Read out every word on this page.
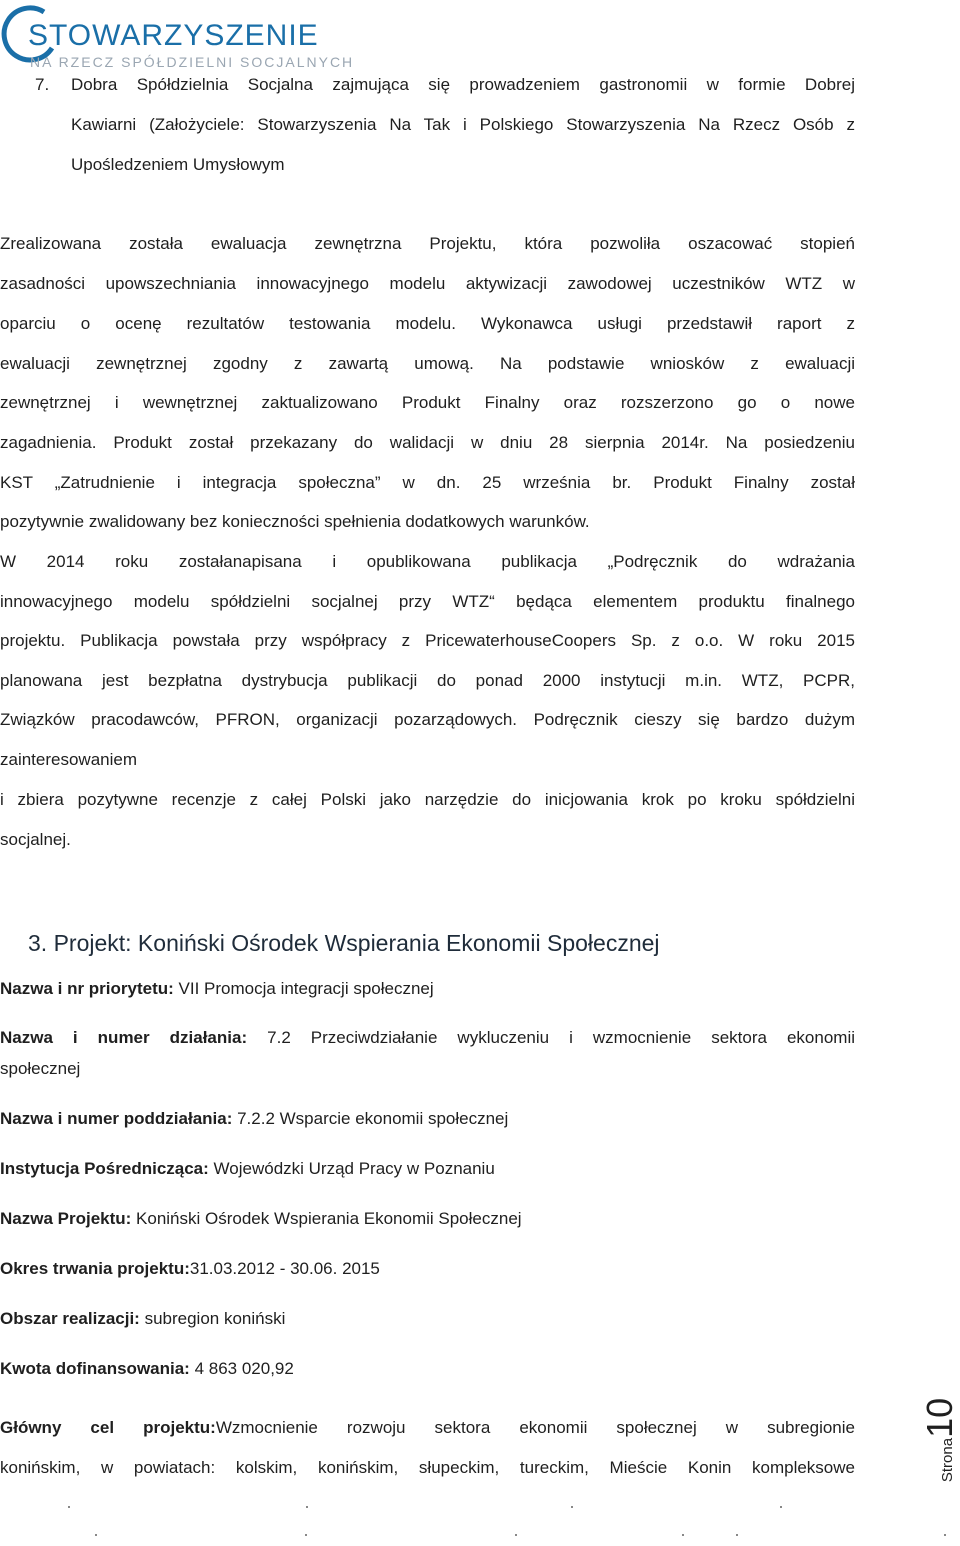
STOWARZYSZENIE
NA RZECZ SPÓŁDZIELNI SOCJALNYCH
7. Dobra Spółdzielnia Socjalna zajmująca się prowadzeniem gastronomii w formie Dobrej
Kawiarni (Założyciele: Stowarzyszenia Na Tak i Polskiego Stowarzyszenia Na Rzecz Osób z
Upośledzeniem Umysłowym
Zrealizowana została ewaluacja zewnętrzna Projektu, która pozwoliła oszacować stopień
zasadności upowszechniania innowacyjnego modelu aktywizacji zawodowej uczestników WTZ w
oparciu o ocenę rezultatów testowania modelu. Wykonawca usługi przedstawił raport z
ewaluacji zewnętrznej zgodny z zawartą umową. Na podstawie wniosków z ewaluacji
zewnętrznej i wewnętrznej zaktualizowano Produkt Finalny oraz rozszerzono go o nowe
zagadnienia. Produkt został przekazany do walidacji w dniu 28 sierpnia 2014r. Na posiedzeniu
KST „Zatrudnienie i integracja społeczna” w dn. 25 września br. Produkt Finalny został
pozytywnie zwalidowany bez konieczności spełnienia dodatkowych warunków.
W 2014 roku zostałanapisana i opublikowana publikacja „Podręcznik do wdrażania
innowacyjnego modelu spółdzielni socjalnej przy WTZ“ będąca elementem produktu finalnego
projektu. Publikacja powstała przy współpracy z PricewaterhouseCoopers Sp. z o.o. W roku 2015
planowana jest bezpłatna dystrybucja publikacji do ponad 2000 instytucji m.in. WTZ, PCPR,
Związków pracodawców, PFRON, organizacji pozarządowych. Podręcznik cieszy się bardzo dużym
zainteresowaniem
i zbiera pozytywne recenzje z całej Polski jako narzędzie do inicjowania krok po kroku spółdzielni
socjalnej.
3. Projekt: Koniński Ośrodek Wspierania Ekonomii Społecznej
Nazwa i nr priorytetu: VII Promocja integracji społecznej
Nazwa i numer działania: 7.2 Przeciwdziałanie wykluczeniu i wzmocnienie sektora ekonomii
społecznej
Nazwa i numer poddziałania: 7.2.2 Wsparcie ekonomii społecznej
Instytucja Pośrednicząca: Wojewódzki Urząd Pracy w Poznaniu
Nazwa Projektu: Koniński Ośrodek Wspierania Ekonomii Społecznej
Okres trwania projektu:31.03.2012 - 30.06. 2015
Obszar realizacji: subregion koniński
Kwota dofinansowania: 4 863 020,92
Główny cel projektu:Wzmocnienie rozwoju sektora ekonomii społecznej w subregionie
konińskim, w powiatach: kolskim, konińskim, słupeckim, tureckim, Mieście Konin kompleksowe	Strona10
